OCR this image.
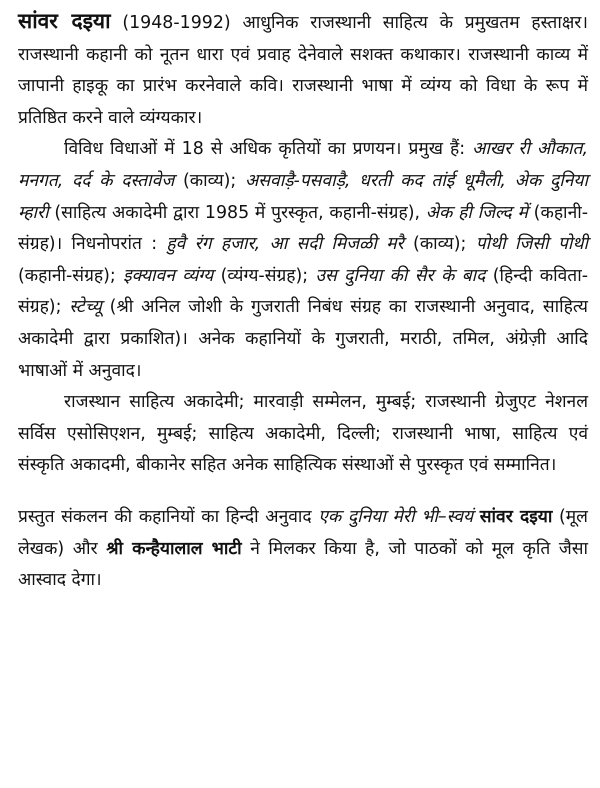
सांवर दइया (1948-1992) आधुनिक राजस्थानी साहित्य के प्रमुखतम हस्ताक्षर। राजस्थानी कहानी को नूतन धारा एवं प्रवाह देनेवाले सशक्त कथाकार। राजस्थानी काव्य में जापानी हाइकू का प्रारंभ करनेवाले कवि। राजस्थानी भाषा में व्यंग्य को विधा के रूप में प्रतिष्ठित करने वाले व्यंग्यकार।

विविध विधाओं में 18 से अधिक कृतियों का प्रणयन। प्रमुख हैं: आखर री औकात, मनगत, दर्द के दस्तावेज (काव्य); असवाड़ै-पसवाड़ै, धरती कद तांई धूमैली, अेक दुनिया म्हारी (साहित्य अकादेमी द्वारा 1985 में पुरस्कृत, कहानी-संग्रह), अेक ही जिल्द में (कहानी-संग्रह)। निधनोपरांत : हुवै रंग हजार, आ सदी मिजळी मरै (काव्य); पोथी जिसी पोथी (कहानी-संग्रह); इक्यावन व्यंग्य (व्यंग्य-संग्रह); उस दुनिया की सैर के बाद (हिन्दी कविता-संग्रह); स्टेच्यू (श्री अनिल जोशी के गुजराती निबंध संग्रह का राजस्थानी अनुवाद, साहित्य अकादेमी द्वारा प्रकाशित)। अनेक कहानियों के गुजराती, मराठी, तमिल, अंग्रेज़ी आदि भाषाओं में अनुवाद।

राजस्थान साहित्य अकादेमी; मारवाड़ी सम्मेलन, मुम्बई; राजस्थानी ग्रेजुएट नेशनल सर्विस एसोसिएशन, मुम्बई; साहित्य अकादेमी, दिल्ली; राजस्थानी भाषा, साहित्य एवं संस्कृति अकादमी, बीकानेर सहित अनेक साहित्यिक संस्थाओं से पुरस्कृत एवं सम्मानित।

प्रस्तुत संकलन की कहानियों का हिन्दी अनुवाद एक दुनिया मेरी भी–स्वयं सांवर दइया (मूल लेखक) और श्री कन्हैयालाल भाटी ने मिलकर किया है, जो पाठकों को मूल कृति जैसा आस्वाद देगा।
